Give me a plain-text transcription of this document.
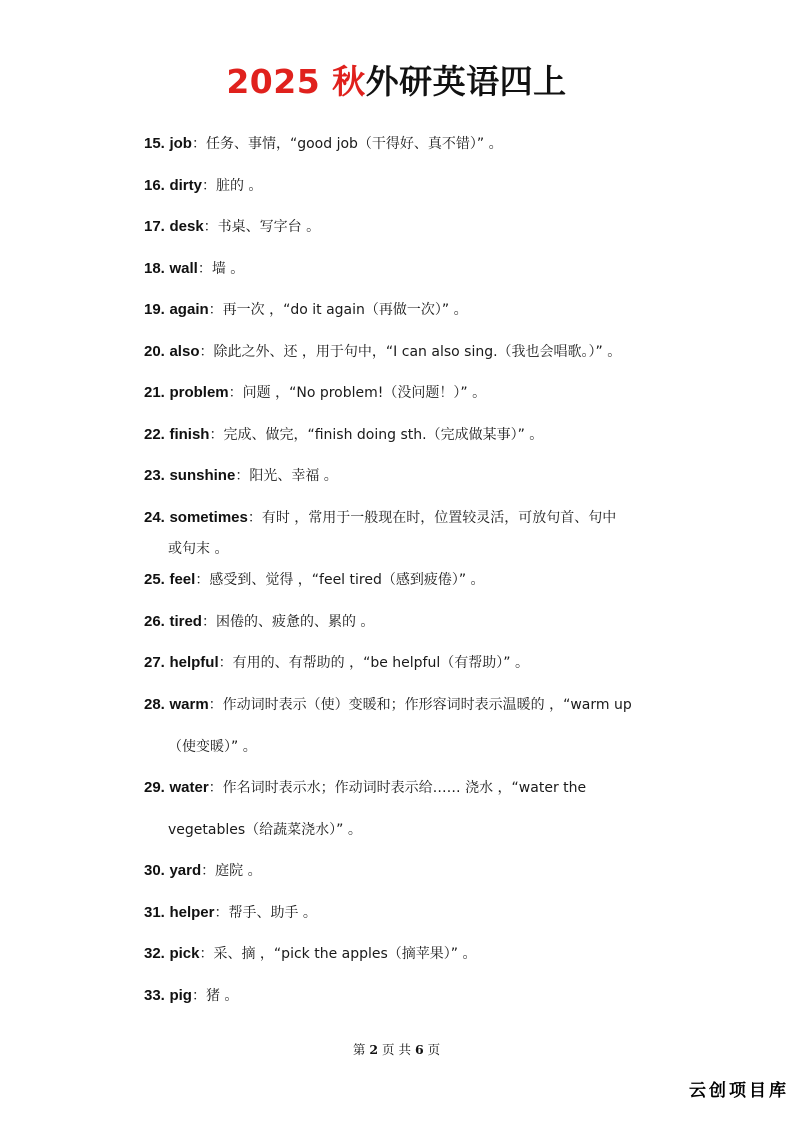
2025 秋外研英语四上
15. job：任务、事情，“good job（干得好、真不错）” 。
16. dirty：脏的 。
17. desk：书桌、写字台 。
18. wall：墙 。
19. again：再一次 ，“do it again（再做一次）” 。
20. also：除此之外、还 ，用于句中，“I can also sing.（我也会唱歌。）” 。
21. problem：问题 ，“No problem!（没问题！）” 。
22. finish：完成、做完，“finish doing sth.（完成做某事）” 。
23. sunshine：阳光、幸福 。
24. sometimes：有时 ，常用于一般现在时，位置较灵活，可放句首、句中
或句末 。
25. feel：感受到、觉得 ，“feel tired（感到疲倦）” 。
26. tired：困倦的、疲惫的、累的 。
27. helpful：有用的、有帮助的 ，“be helpful（有帮助）” 。
28. warm：作动词时表示（使）变暖和；作形容词时表示温暖的 ，“warm up
（使变暖）” 。
29. water：作名词时表示水；作动词时表示给…… 浇水 ，“water the
vegetables（给蔬菜浇水）” 。
30. yard：庭院 。
31. helper：帮手、助手 。
32. pick：采、摘 ，“pick the apples（摘苹果）” 。
33. pig：猪 。
第 2 页 共 6 页
云创项目库
